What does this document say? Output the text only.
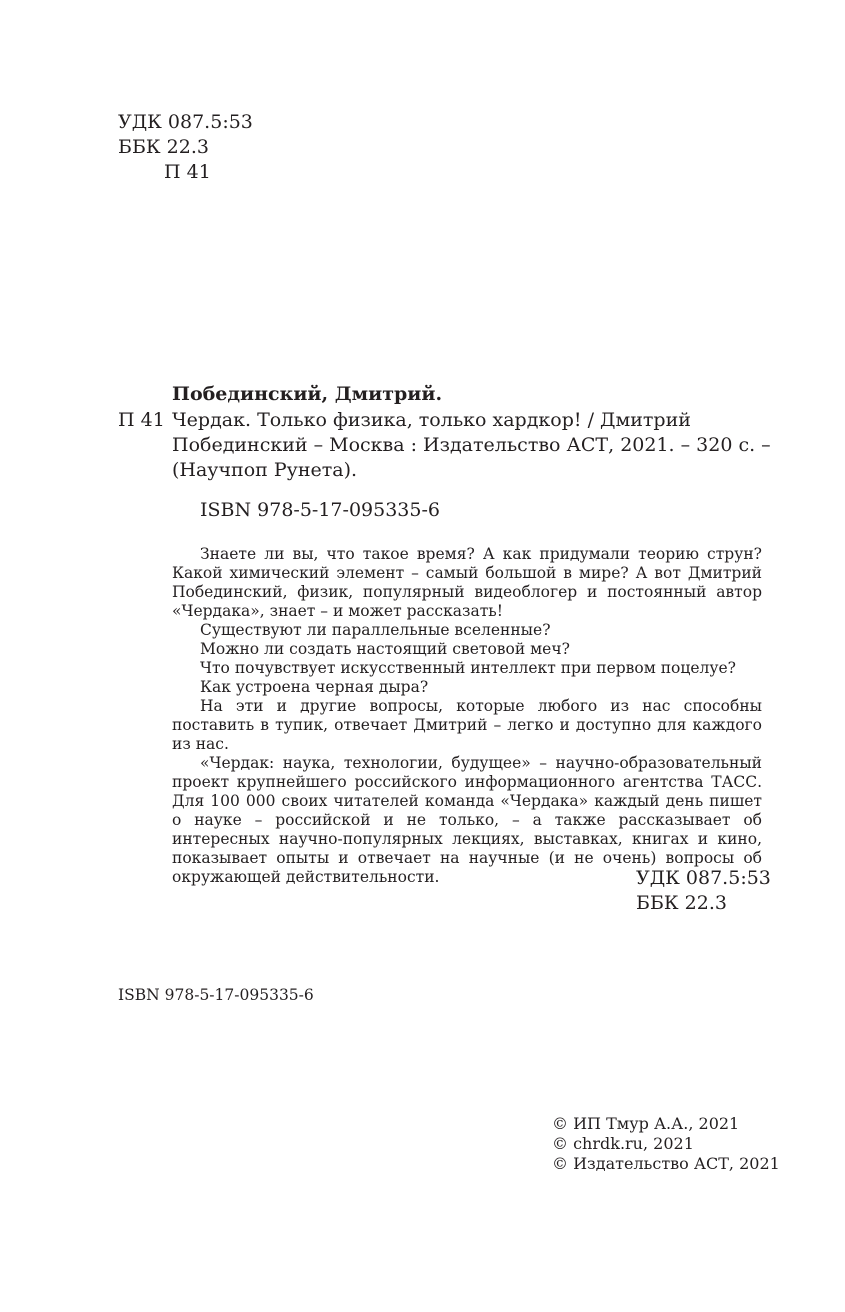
УДК 087.5:53
ББК 22.3
П 41
Побединский, Дмитрий.
П 41 Чердак. Только физика, только хардкор! / Дмитрий
Побединский – Москва : Издательство АСТ, 2021. – 320 с. –
(Научпоп Рунета).
ISBN 978-5-17-095335-6

Знаете ли вы, что такое время? А как придумали теорию струн? Какой химический элемент – самый большой в мире? А вот Дмитрий Побединский, физик, популярный видеоблогер и постоянный автор «Чердака», знает – и может рассказать!

Существуют ли параллельные вселенные?

Можно ли создать настоящий световой меч?

Что почувствует искусственный интеллект при первом поцелуе?

Как устроена черная дыра?

На эти и другие вопросы, которые любого из нас способны поставить в тупик, отвечает Дмитрий – легко и доступно для каждого из нас.

«Чердак: наука, технологии, будущее» – научно-образовательный проект крупнейшего российского информационного агентства ТАСС. Для 100 000 своих читателей команда «Чердака» каждый день пишет о науке – российской и не только, – а также рассказывает об интересных научно-популярных лекциях, выставках, книгах и кино, показывает опыты и отвечает на научные (и не очень) вопросы об окружающей действительности.	УДК 087.5:53
ББК 22.3
ISBN 978-5-17-095335-6
© ИП Тмур А.А., 2021
© chrdk.ru, 2021
© Издательство АСТ, 2021
